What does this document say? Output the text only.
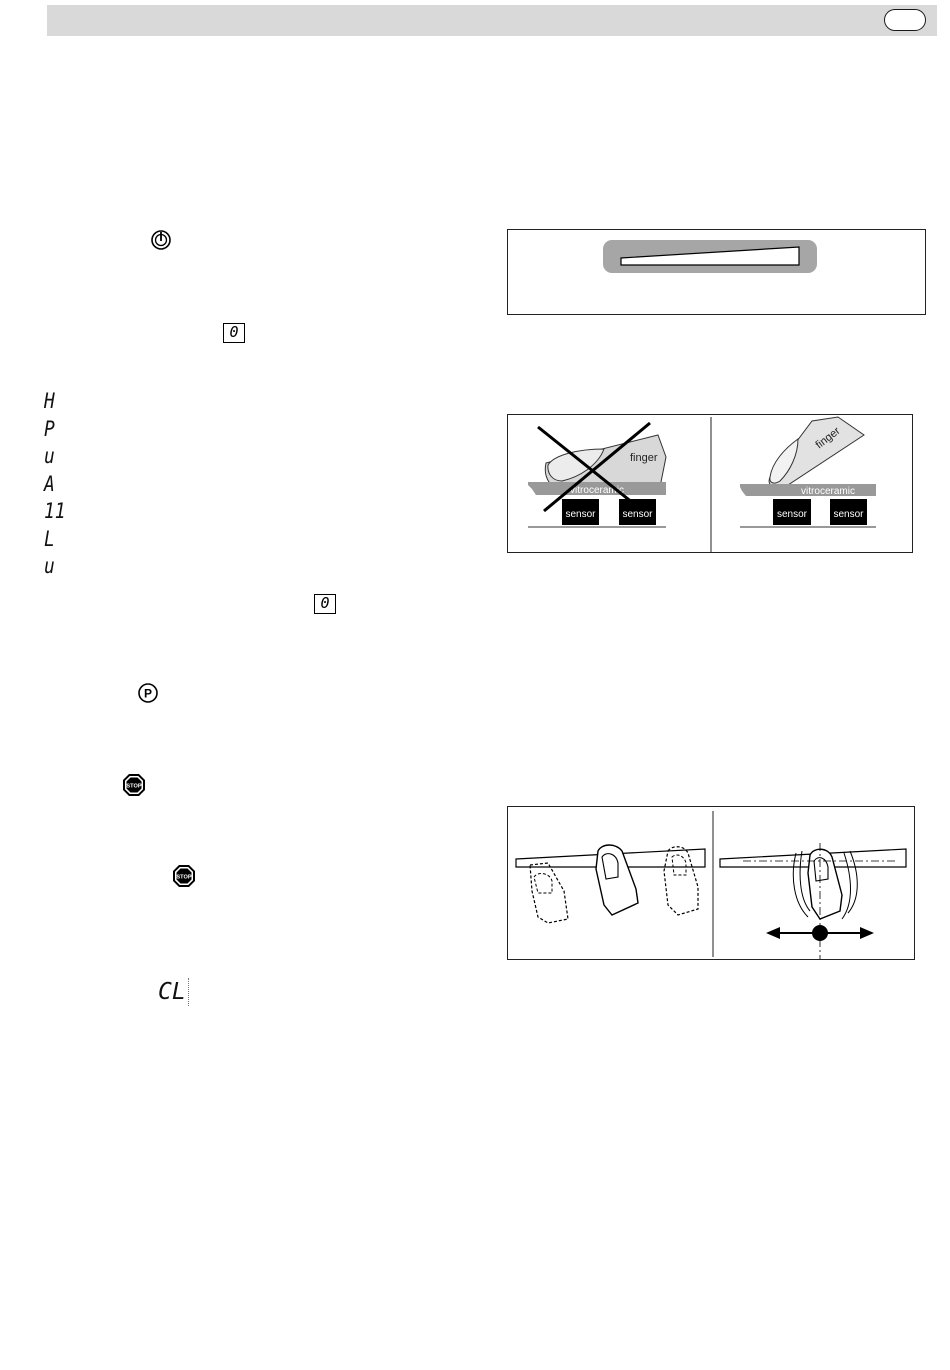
0
H
P
u
A
11
L
u
0
P
STOP
STOP
CL
finger
vitroceramic
sensor	sensor
finger
vitroceramic
sensor	sensor
